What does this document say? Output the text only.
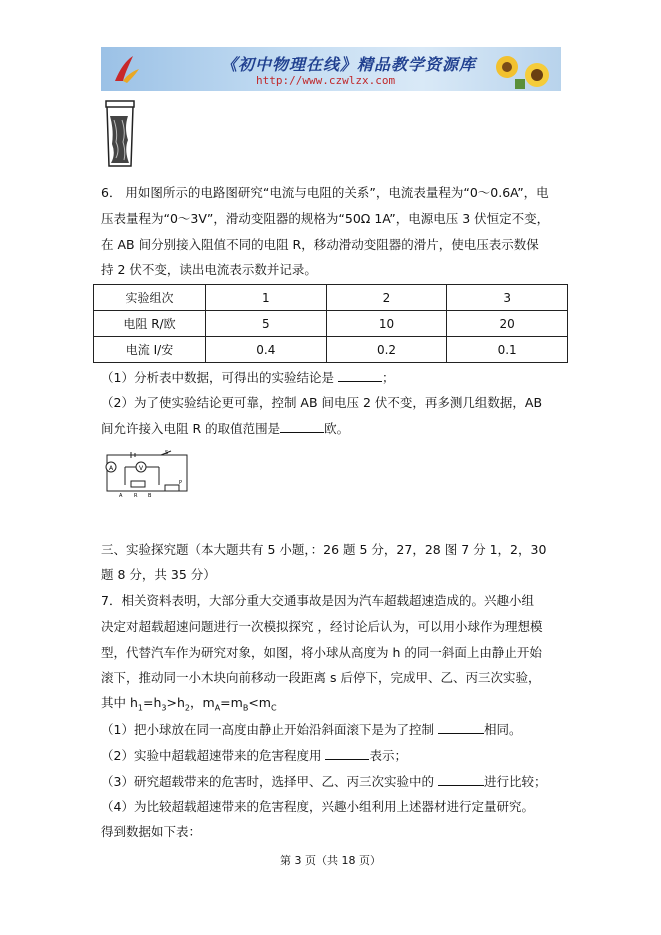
《初中物理在线》精品教学资源库
http://www.czwlzx.com
6． 用如图所示的电路图研究“电流与电阻的关系”，电流表量程为“0～0.6A”，电
压表量程为“0～3V”，滑动变阻器的规格为“50Ω 1A”，电源电压 3 伏恒定不变，
在 AB 间分别接入阻值不同的电阻 R，移动滑动变阻器的滑片，使电压表示数保
持 2 伏不变，读出电流表示数并记录。
实验组次	1	2	3
电阻 R/欧	5	10	20
电流 I/安	0.4	0.2	0.1
（1）分析表中数据，可得出的实验结论是	；
（2）为了使实验结论更可靠，控制 AB 间电压 2 伏不变，再多测几组数据，AB
间允许接入电阻 R 的取值范围是	欧。
A	V
S
P
A R B
三、实验探究题（本大题共有 5 小题，：26 题 5 分，27，28 图 7 分 1，2，30
题 8 分，共 35 分）
7．相关资料表明，大部分重大交通事故是因为汽车超载超速造成的。兴趣小组
决定对超载超速问题进行一次模拟探究 ，经讨论后认为，可以用小球作为理想模
型，代替汽车作为研究对象，如图，将小球从高度为 h 的同一斜面上由静止开始
滚下，推动同一小木块向前移动一段距离 s 后停下，完成甲、乙、丙三次实验，
其中 $h_1=h_3>h_2$，$m_A=m_B<m_C$
（1）把小球放在同一高度由静止开始沿斜面滚下是为了控制	相同。
（2）实验中超载超速带来的危害程度用	表示；
（3）研究超载带来的危害时，选择甲、乙、丙三次实验中的	进行比较；
（4）为比较超载超速带来的危害程度，兴趣小组利用上述器材进行定量研究。
得到数据如下表：
第 3 页（共 18 页）
